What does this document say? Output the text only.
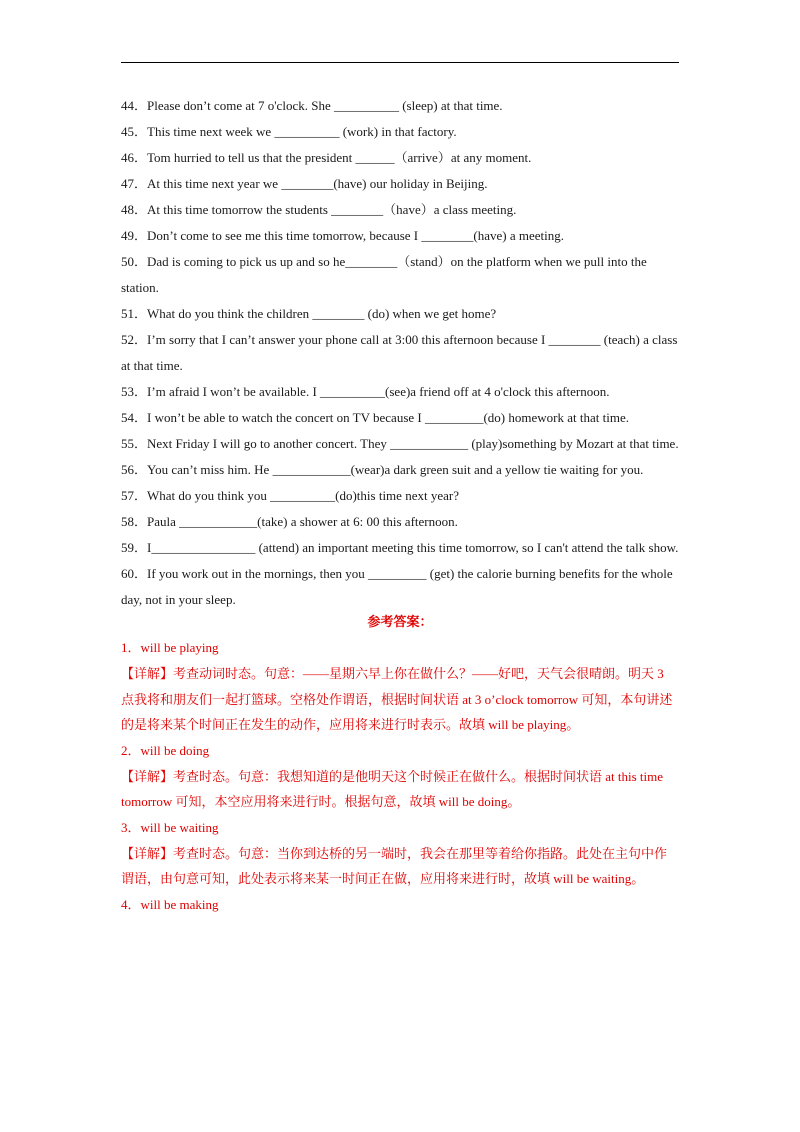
44．Please don’t come at 7 o'clock. She __________ (sleep) at that time.

45．This time next week we __________ (work) in that factory.

46．Tom hurried to tell us that the president ______（arrive）at any moment.

47．At this time next year we ________(have) our holiday in Beijing.

48．At this time tomorrow the students ________（have）a class meeting.

49．Don’t come to see me this time tomorrow, because I ________(have) a meeting.

50．Dad is coming to pick us up and so he________（stand）on the platform when we pull into the station.

51．What do you think the children ________ (do) when we get home?

52．I’m sorry that I can’t answer your phone call at 3:00 this afternoon because I ________ (teach) a class at that time.

53．I’m afraid I won’t be available. I __________(see)a friend off at 4 o'clock this afternoon.

54．I won’t be able to watch the concert on TV because I _________(do) homework at that time.

55．Next Friday I will go to another concert. They ____________ (play)something by Mozart at that time.

56．You can’t miss him. He ____________(wear)a dark green suit and a yellow tie waiting for you.

57．What do you think you __________(do)this time next year?

58．Paula ____________(take) a shower at 6: 00 this afternoon.

59．I________________ (attend) an important meeting this time tomorrow, so I can't attend the talk show.

60．If you work out in the mornings, then you _________ (get) the calorie burning benefits for the whole day, not in your sleep.

参考答案：

1．will be playing

【详解】考查动词时态。句意：——星期六早上你在做什么？——好吧，天气会很晴朗。明天 3 点我将和朋友们一起打篮球。空格处作谓语，根据时间状语 at 3 o’clock tomorrow 可知，本句讲述的是将来某个时间正在发生的动作，应用将来进行时表示。故填 will be playing。

2．will be doing

【详解】考查时态。句意：我想知道的是他明天这个时候正在做什么。根据时间状语 at this time tomorrow 可知，本空应用将来进行时。根据句意，故填 will be doing。

3．will be waiting

【详解】考查时态。句意：当你到达桥的另一端时，我会在那里等着给你指路。此处在主句中作谓语，由句意可知，此处表示将来某一时间正在做，应用将来进行时，故填 will be waiting。

4．will be making
